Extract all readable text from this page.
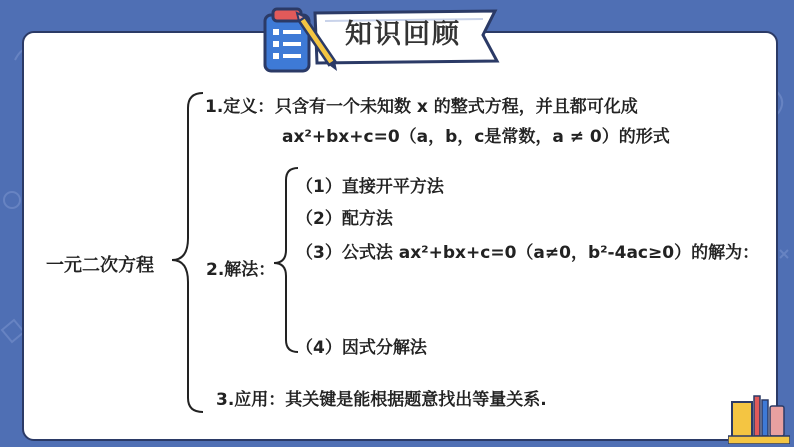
知识回顾
一元二次方程
1.定义： 只含有一个未知数 x 的整式方程，并且都可化成
ax²+bx+c=0（a，b，c是常数，a ≠ 0）的形式
2.解法：
（1）直接开平方法
（2）配方法
（3）公式法 ax²+bx+c=0（a≠0，b²-4ac≥0）的解为：
（4）因式分解法
3.应用：其关键是能根据题意找出等量关系.
